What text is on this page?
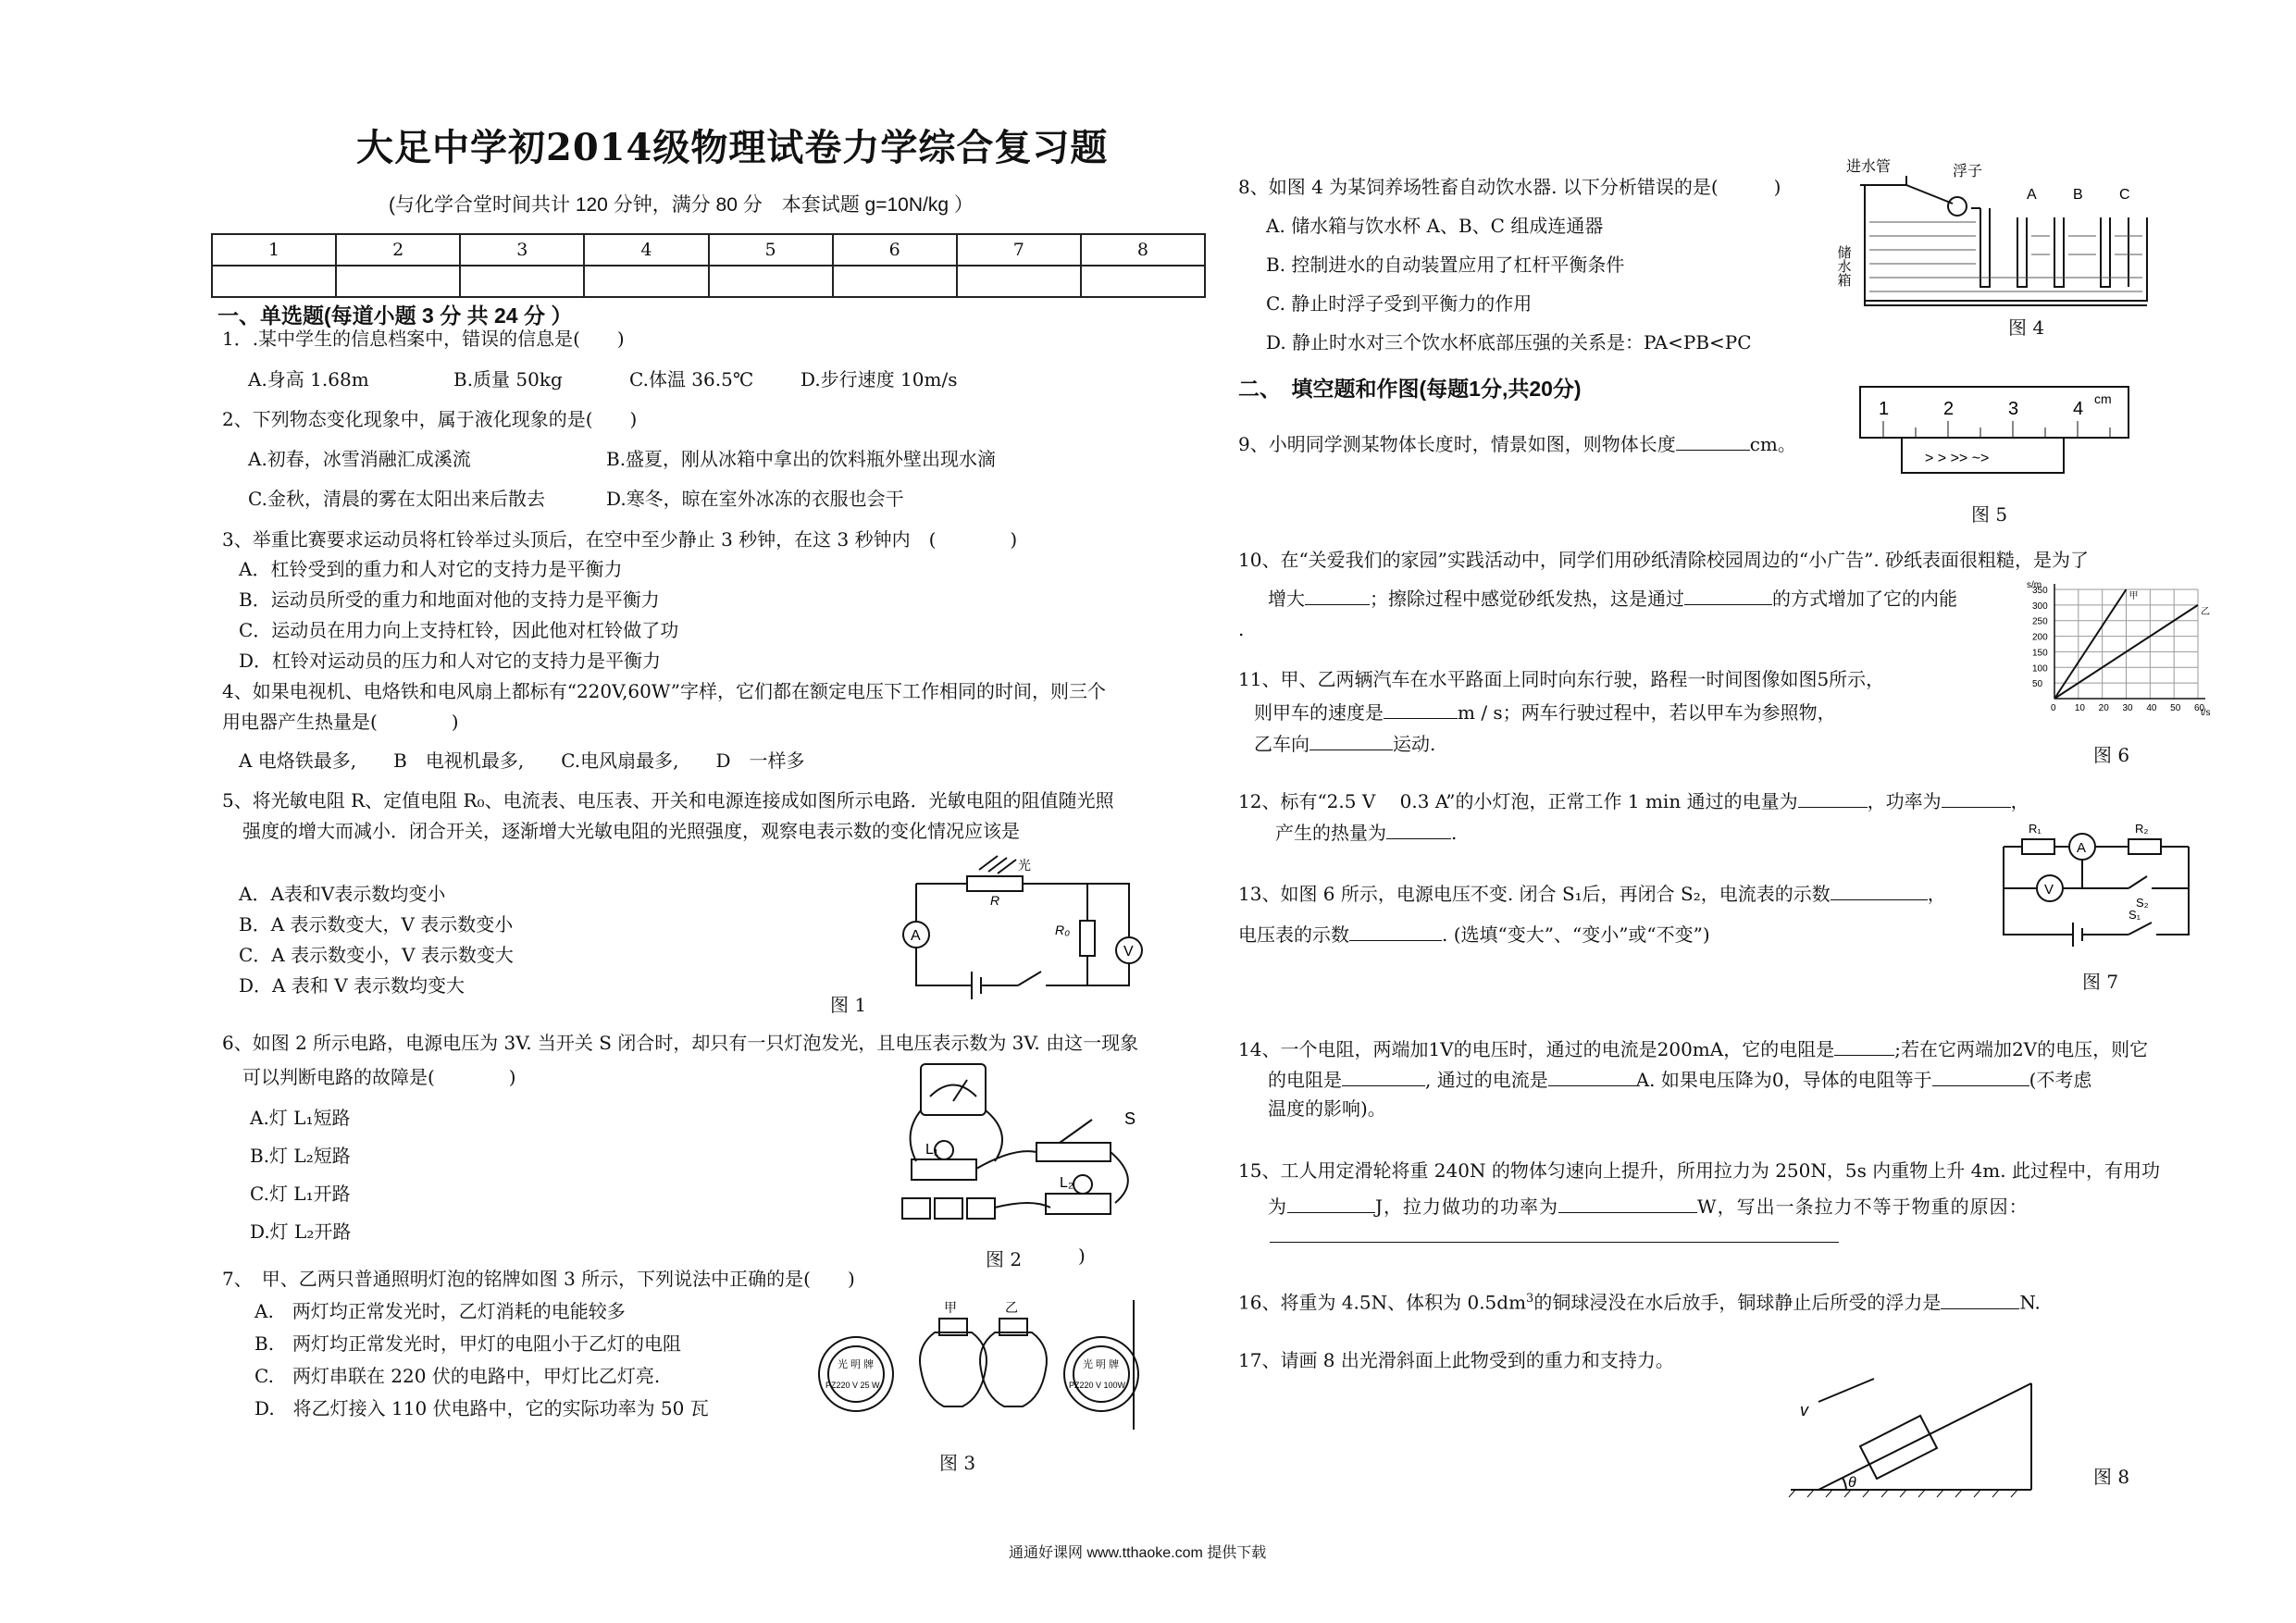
大足中学初2014级物理试卷力学综合复习题
(与化学合堂时间共计 120 分钟，满分 80 分　本套试题 g=10N/kg ）
1	2	3	4	5	6	7	8

一、单选题(每道小题 3 分 共 24 分 ）
1．.某中学生的信息档案中，错误的信息是(　　)
A.身高 1.68m	B.质量 50kg	C.体温 36.5℃	D.步行速度 10m/s
2、下列物态变化现象中，属于液化现象的是(　　)
A.初春，冰雪消融汇成溪流	B.盛夏，刚从冰箱中拿出的饮料瓶外壁出现水滴
C.金秋，清晨的雾在太阳出来后散去	D.寒冬，晾在室外冰冻的衣服也会干
3、举重比赛要求运动员将杠铃举过头顶后，在空中至少静止 3 秒钟，在这 3 秒钟内　(　　　　)
A．杠铃受到的重力和人对它的支持力是平衡力
B．运动员所受的重力和地面对他的支持力是平衡力
C．运动员在用力向上支持杠铃，因此他对杠铃做了功
D．杠铃对运动员的压力和人对它的支持力是平衡力
4、如果电视机、电烙铁和电风扇上都标有“220V,60W”字样，它们都在额定电压下工作相同的时间，则三个
用电器产生热量是(　　　　)
A 电烙铁最多,　　B　电视机最多,　　C.电风扇最多,　　D　一样多
5、将光敏电阻 R、定值电阻 R₀、电流表、电压表、开关和电源连接成如图所示电路．光敏电阻的阻值随光照
强度的增大而减小．闭合开关，逐渐增大光敏电阻的光照强度，观察电表示数的变化情况应该是
A．A表和V表示数均变小
B．A 表示数变大，V 表示数变小
C．A 表示数变小，V 表示数变大
D．A 表和 V 表示数均变大
A
V
R
R₀
光
图 1
6、如图 2 所示电路，电源电压为 3V. 当开关 S 闭合时，却只有一只灯泡发光，且电压表示数为 3V. 由这一现象
可以判断电路的故障是(　　　　)
A.灯 L₁短路
B.灯 L₂短路
C.灯 L₁开路
D.灯 L₂开路
S
L₁
L₂
图 2	)
7、　甲、乙两只普通照明灯泡的铭牌如图 3 所示，下列说法中正确的是(　　)
A.　两灯均正常发光时，乙灯消耗的电能较多
B.　两灯均正常发光时，甲灯的电阻小于乙灯的电阻
C.　两灯串联在 220 伏的电路中，甲灯比乙灯亮.
D.　将乙灯接入 110 伏电路中，它的实际功率为 50 瓦
甲	乙
光 明 牌
PZ220 V 25 W
光 明 牌
PZ220 V 100W
图 3
8、如图 4 为某饲养场牲畜自动饮水器. 以下分析错误的是(　　　)
A. 储水箱与饮水杯 A、B、C 组成连通器
B. 控制进水的自动装置应用了杠杆平衡条件
C. 静止时浮子受到平衡力的作用
D. 静止时水对三个饮水杯底部压强的关系是：PA<PB<PC
进水管	浮子
A B C
储水箱
图 4
二、　填空题和作图(每题1分,共20分)
9、小明同学测某物体长度时，情景如图，则物体长度	cm。
1	2	3	4 cm
> > >> ~>
图 5
10、在“关爱我们的家园”实践活动中，同学们用砂纸清除校园周边的“小广告”. 砂纸表面很粗糙，是为了
增大	；擦除过程中感觉砂纸发热，这是通过	的方式增加了它的内能
.
11、甲、乙两辆汽车在水平路面上同时向东行驶，路程一时间图像如图5所示，
则甲车的速度是	m / s；两车行驶过程中，若以甲车为参照物，
乙车向	运动.
甲
乙
0 10 20 30 40 50 60
50
100
150
200
250
300
350
s/m
t/s
图 6
12、标有“2.5 V　 0.3 A”的小灯泡，正常工作 1 min 通过的电量为	，功率为	，
产生的热量为	.
13、如图 6 所示，电源电压不变. 闭合 S₁后，再闭合 S₂，电流表的示数	，
电压表的示数	. (选填“变大”、“变小”或“不变”)
A
V
R₁	R₂
S₂
S₁
图 7
14、一个电阻，两端加1V的电压时，通过的电流是200mA，它的电阻是	;若在它两端加2V的电压，则它
的电阻是	, 通过的电流是	A. 如果电压降为0，导体的电阻等于	(不考虑
温度的影响)。
15、工人用定滑轮将重 240N 的物体匀速向上提升，所用拉力为 250N，5s 内重物上升 4m. 此过程中，有用功
为	J，拉力做功的功率为	W，写出一条拉力不等于物重的原因：
16、将重为 4.5N、体积为 $0.5dm^3$的铜球浸没在水后放手，铜球静止后所受的浮力是	N.
17、请画 8 出光滑斜面上此物受到的重力和支持力。
v
θ	图 8
通通好课网 www.tthaoke.com 提供下载
